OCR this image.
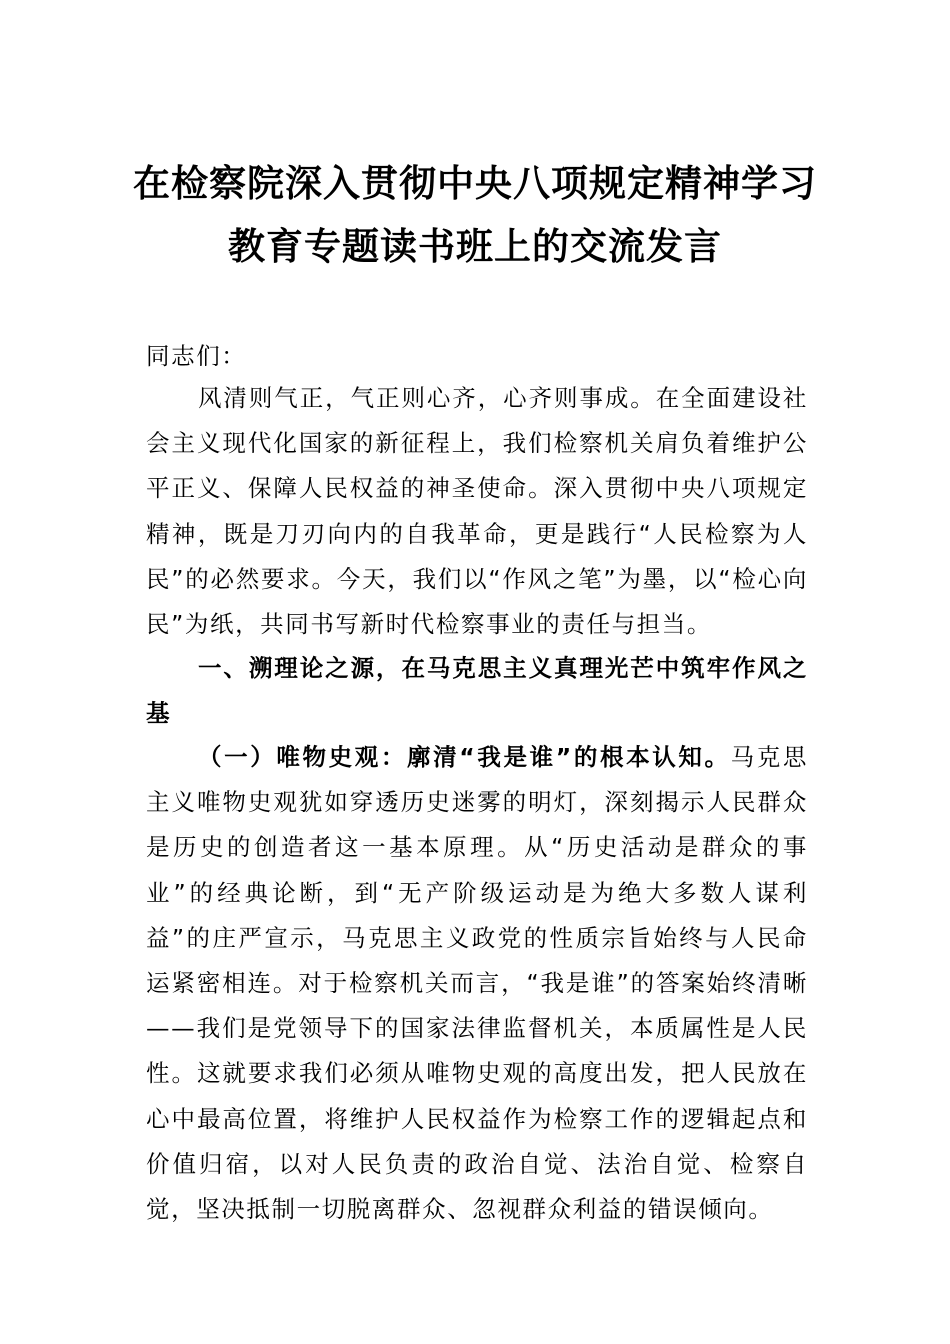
在检察院深入贯彻中央八项规定精神学习
教育专题读书班上的交流发言
同志们：
风清则气正，气正则心齐，心齐则事成。在全面建设社会主义现代化国家的新征程上，我们检察机关肩负着维护公平正义、保障人民权益的神圣使命。深入贯彻中央八项规定精神，既是刀刃向内的自我革命，更是践行“人民检察为人民”的必然要求。今天，我们以“作风之笔”为墨，以“检心向民”为纸，共同书写新时代检察事业的责任与担当。
一、溯理论之源，在马克思主义真理光芒中筑牢作风之基
（一）唯物史观：廓清“我是谁”的根本认知。马克思主义唯物史观犹如穿透历史迷雾的明灯，深刻揭示人民群众是历史的创造者这一基本原理。从“历史活动是群众的事业”的经典论断，到“无产阶级运动是为绝大多数人谋利益”的庄严宣示，马克思主义政党的性质宗旨始终与人民命运紧密相连。对于检察机关而言，“我是谁”的答案始终清晰——我们是党领导下的国家法律监督机关，本质属性是人民性。这就要求我们必须从唯物史观的高度出发，把人民放在心中最高位置，将维护人民权益作为检察工作的逻辑起点和价值归宿，以对人民负责的政治自觉、法治自觉、检察自觉，坚决抵制一切脱离群众、忽视群众利益的错误倾向。
